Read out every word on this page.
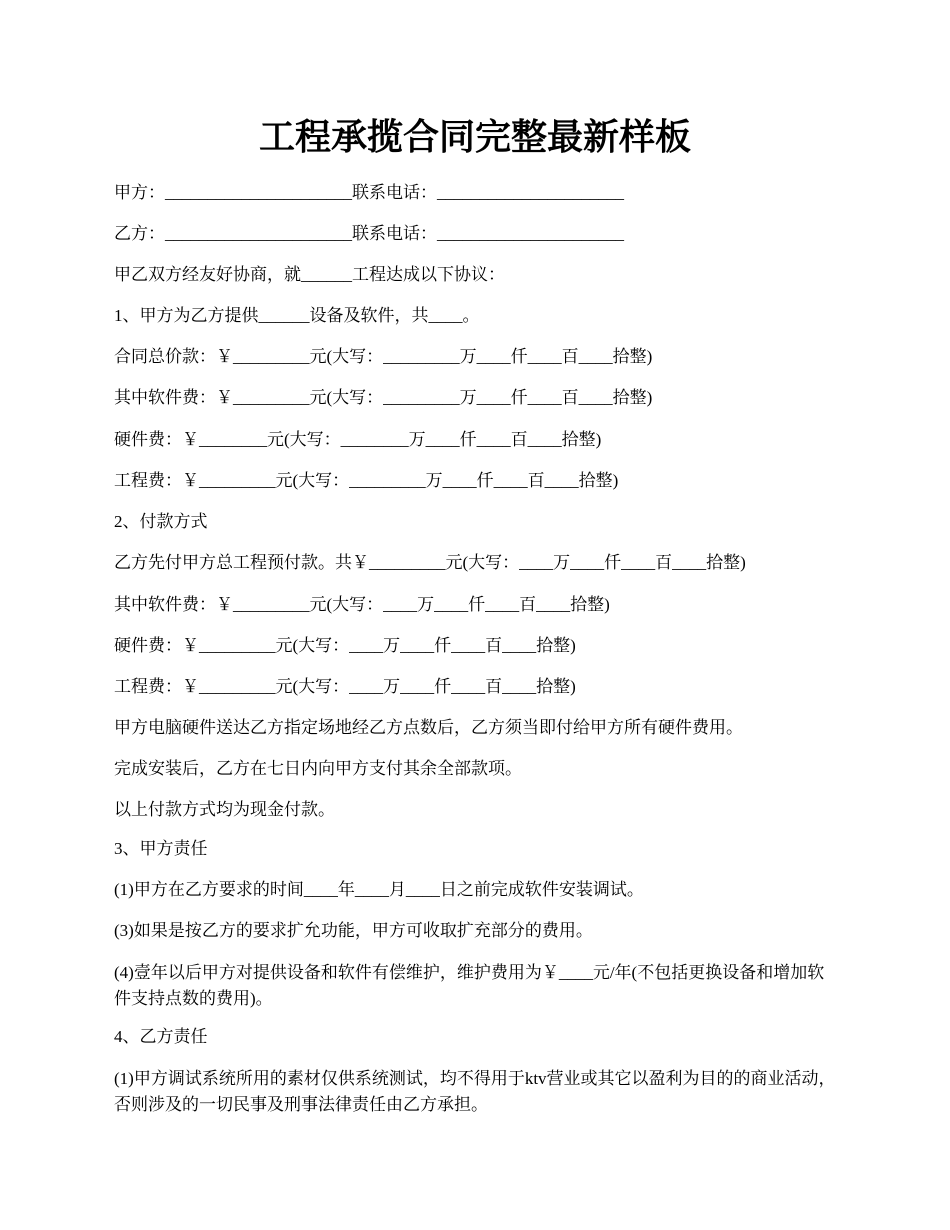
工程承揽合同完整最新样板

甲方：______________________联系电话：______________________

乙方：______________________联系电话：______________________

甲乙双方经友好协商，就______工程达成以下协议：

1、甲方为乙方提供______设备及软件，共____。

合同总价款：￥_________元(大写：_________万____仟____百____拾整)

其中软件费：￥_________元(大写：_________万____仟____百____拾整)

硬件费：￥________元(大写：________万____仟____百____拾整)

工程费：￥_________元(大写：_________万____仟____百____拾整)

2、付款方式

乙方先付甲方总工程预付款。共￥_________元(大写：____万____仟____百____拾整)

其中软件费：￥_________元(大写：____万____仟____百____拾整)

硬件费：￥_________元(大写：____万____仟____百____拾整)

工程费：￥_________元(大写：____万____仟____百____拾整)

甲方电脑硬件送达乙方指定场地经乙方点数后，乙方须当即付给甲方所有硬件费用。

完成安装后，乙方在七日内向甲方支付其余全部款项。

以上付款方式均为现金付款。

3、甲方责任

(1)甲方在乙方要求的时间____年____月____日之前完成软件安装调试。

(3)如果是按乙方的要求扩允功能，甲方可收取扩充部分的费用。

(4)壹年以后甲方对提供设备和软件有偿维护，维护费用为￥____元/年(不包括更换设备和增加软件支持点数的费用)。

4、乙方责任

(1)甲方调试系统所用的素材仅供系统测试，均不得用于ktv营业或其它以盈利为目的的商业活动，否则涉及的一切民事及刑事法律责任由乙方承担。
